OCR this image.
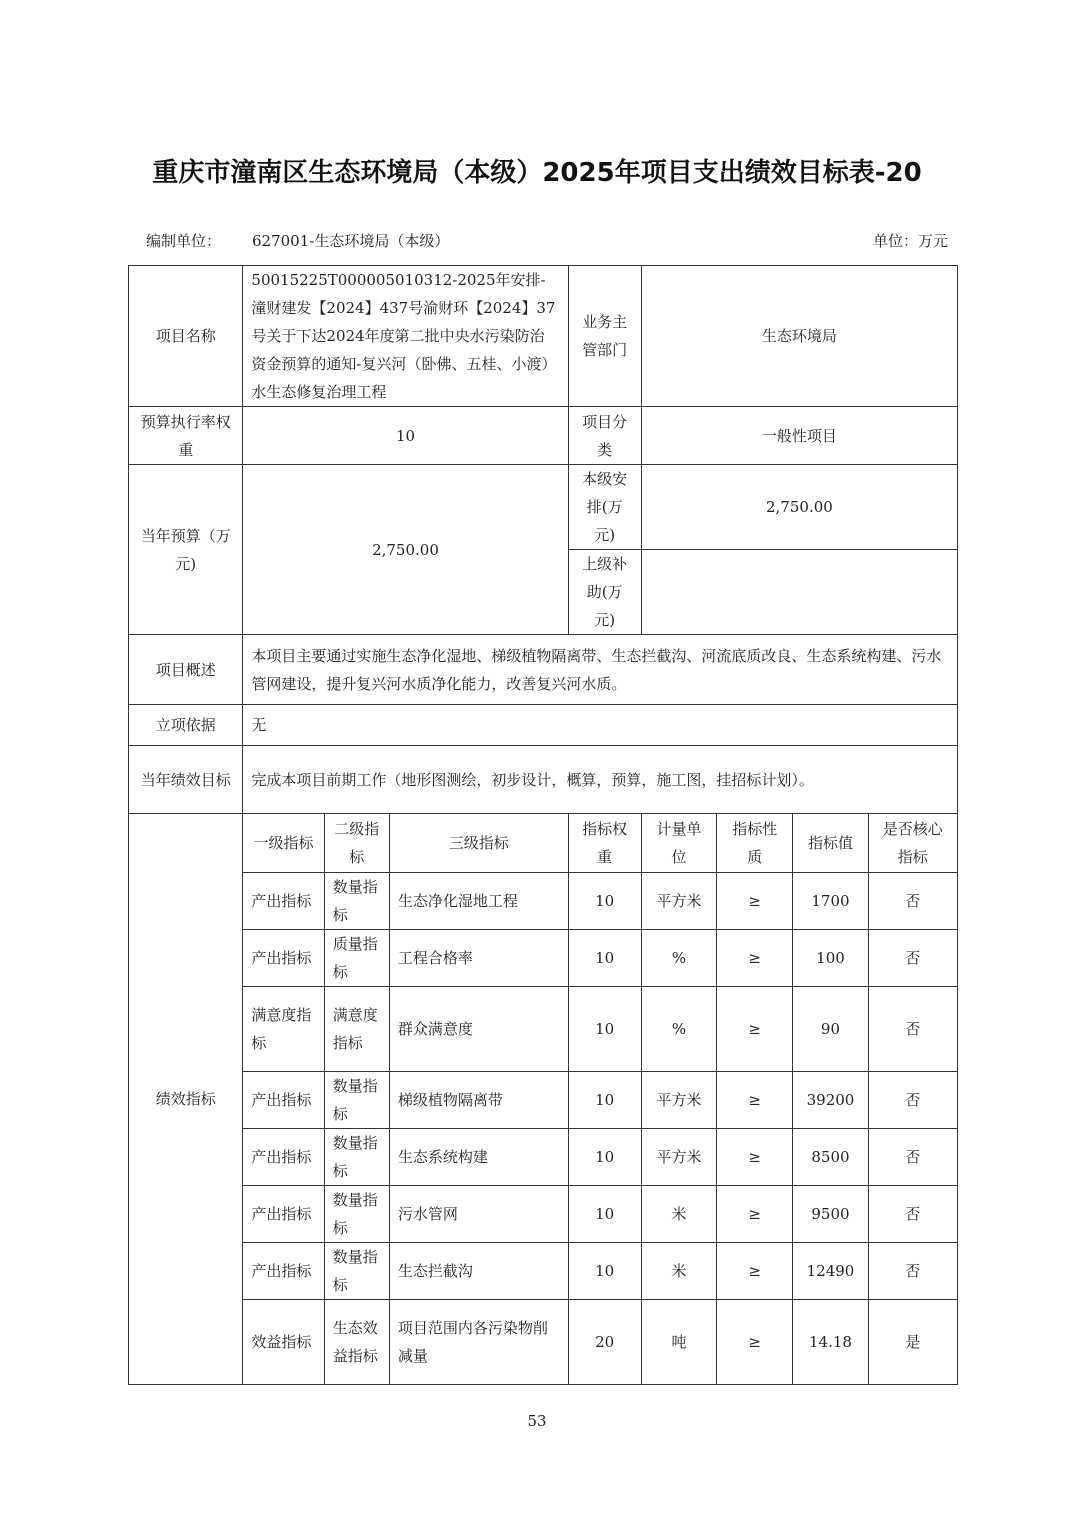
重庆市潼南区生态环境局（本级）2025年项目支出绩效目标表-20
编制单位： 627001-生态环境局（本级）	单位：万元
项目名称	50015225T000005010312-2025年安排-潼财建发【2024】437号渝财环【2024】37号关于下达2024年度第二批中央水污染防治资金预算的通知-复兴河（卧佛、五桂、小渡）水生态修复治理工程			业务主管部门	生态环境局			
预算执行率权重	10			项目分类	一般性项目			
当年预算（万元)	2,750.00			本级安排(万元)	2,750.00			
				上级补助(万元)				
项目概述	本项目主要通过实施生态净化湿地、梯级植物隔离带、生态拦截沟、河流底质改良、生态系统构建、污水管网建设，提升复兴河水质净化能力，改善复兴河水质。							
立项依据	无							
当年绩效目标	完成本项目前期工作（地形图测绘，初步设计，概算，预算，施工图，挂招标计划）。							
绩效指标	一级指标	二级指标	三级指标	指标权重	计量单位	指标性质	指标值	是否核心指标
	产出指标	数量指标	生态净化湿地工程	10	平方米	≥	1700	否
	产出指标	质量指标	工程合格率	10	%	≥	100	否
	满意度指标	满意度指标	群众满意度	10	%	≥	90	否
	产出指标	数量指标	梯级植物隔离带	10	平方米	≥	39200	否
	产出指标	数量指标	生态系统构建	10	平方米	≥	8500	否
	产出指标	数量指标	污水管网	10	米	≥	9500	否
	产出指标	数量指标	生态拦截沟	10	米	≥	12490	否
	效益指标	生态效益指标	项目范围内各污染物削减量	20	吨	≥	14.18	是
53
